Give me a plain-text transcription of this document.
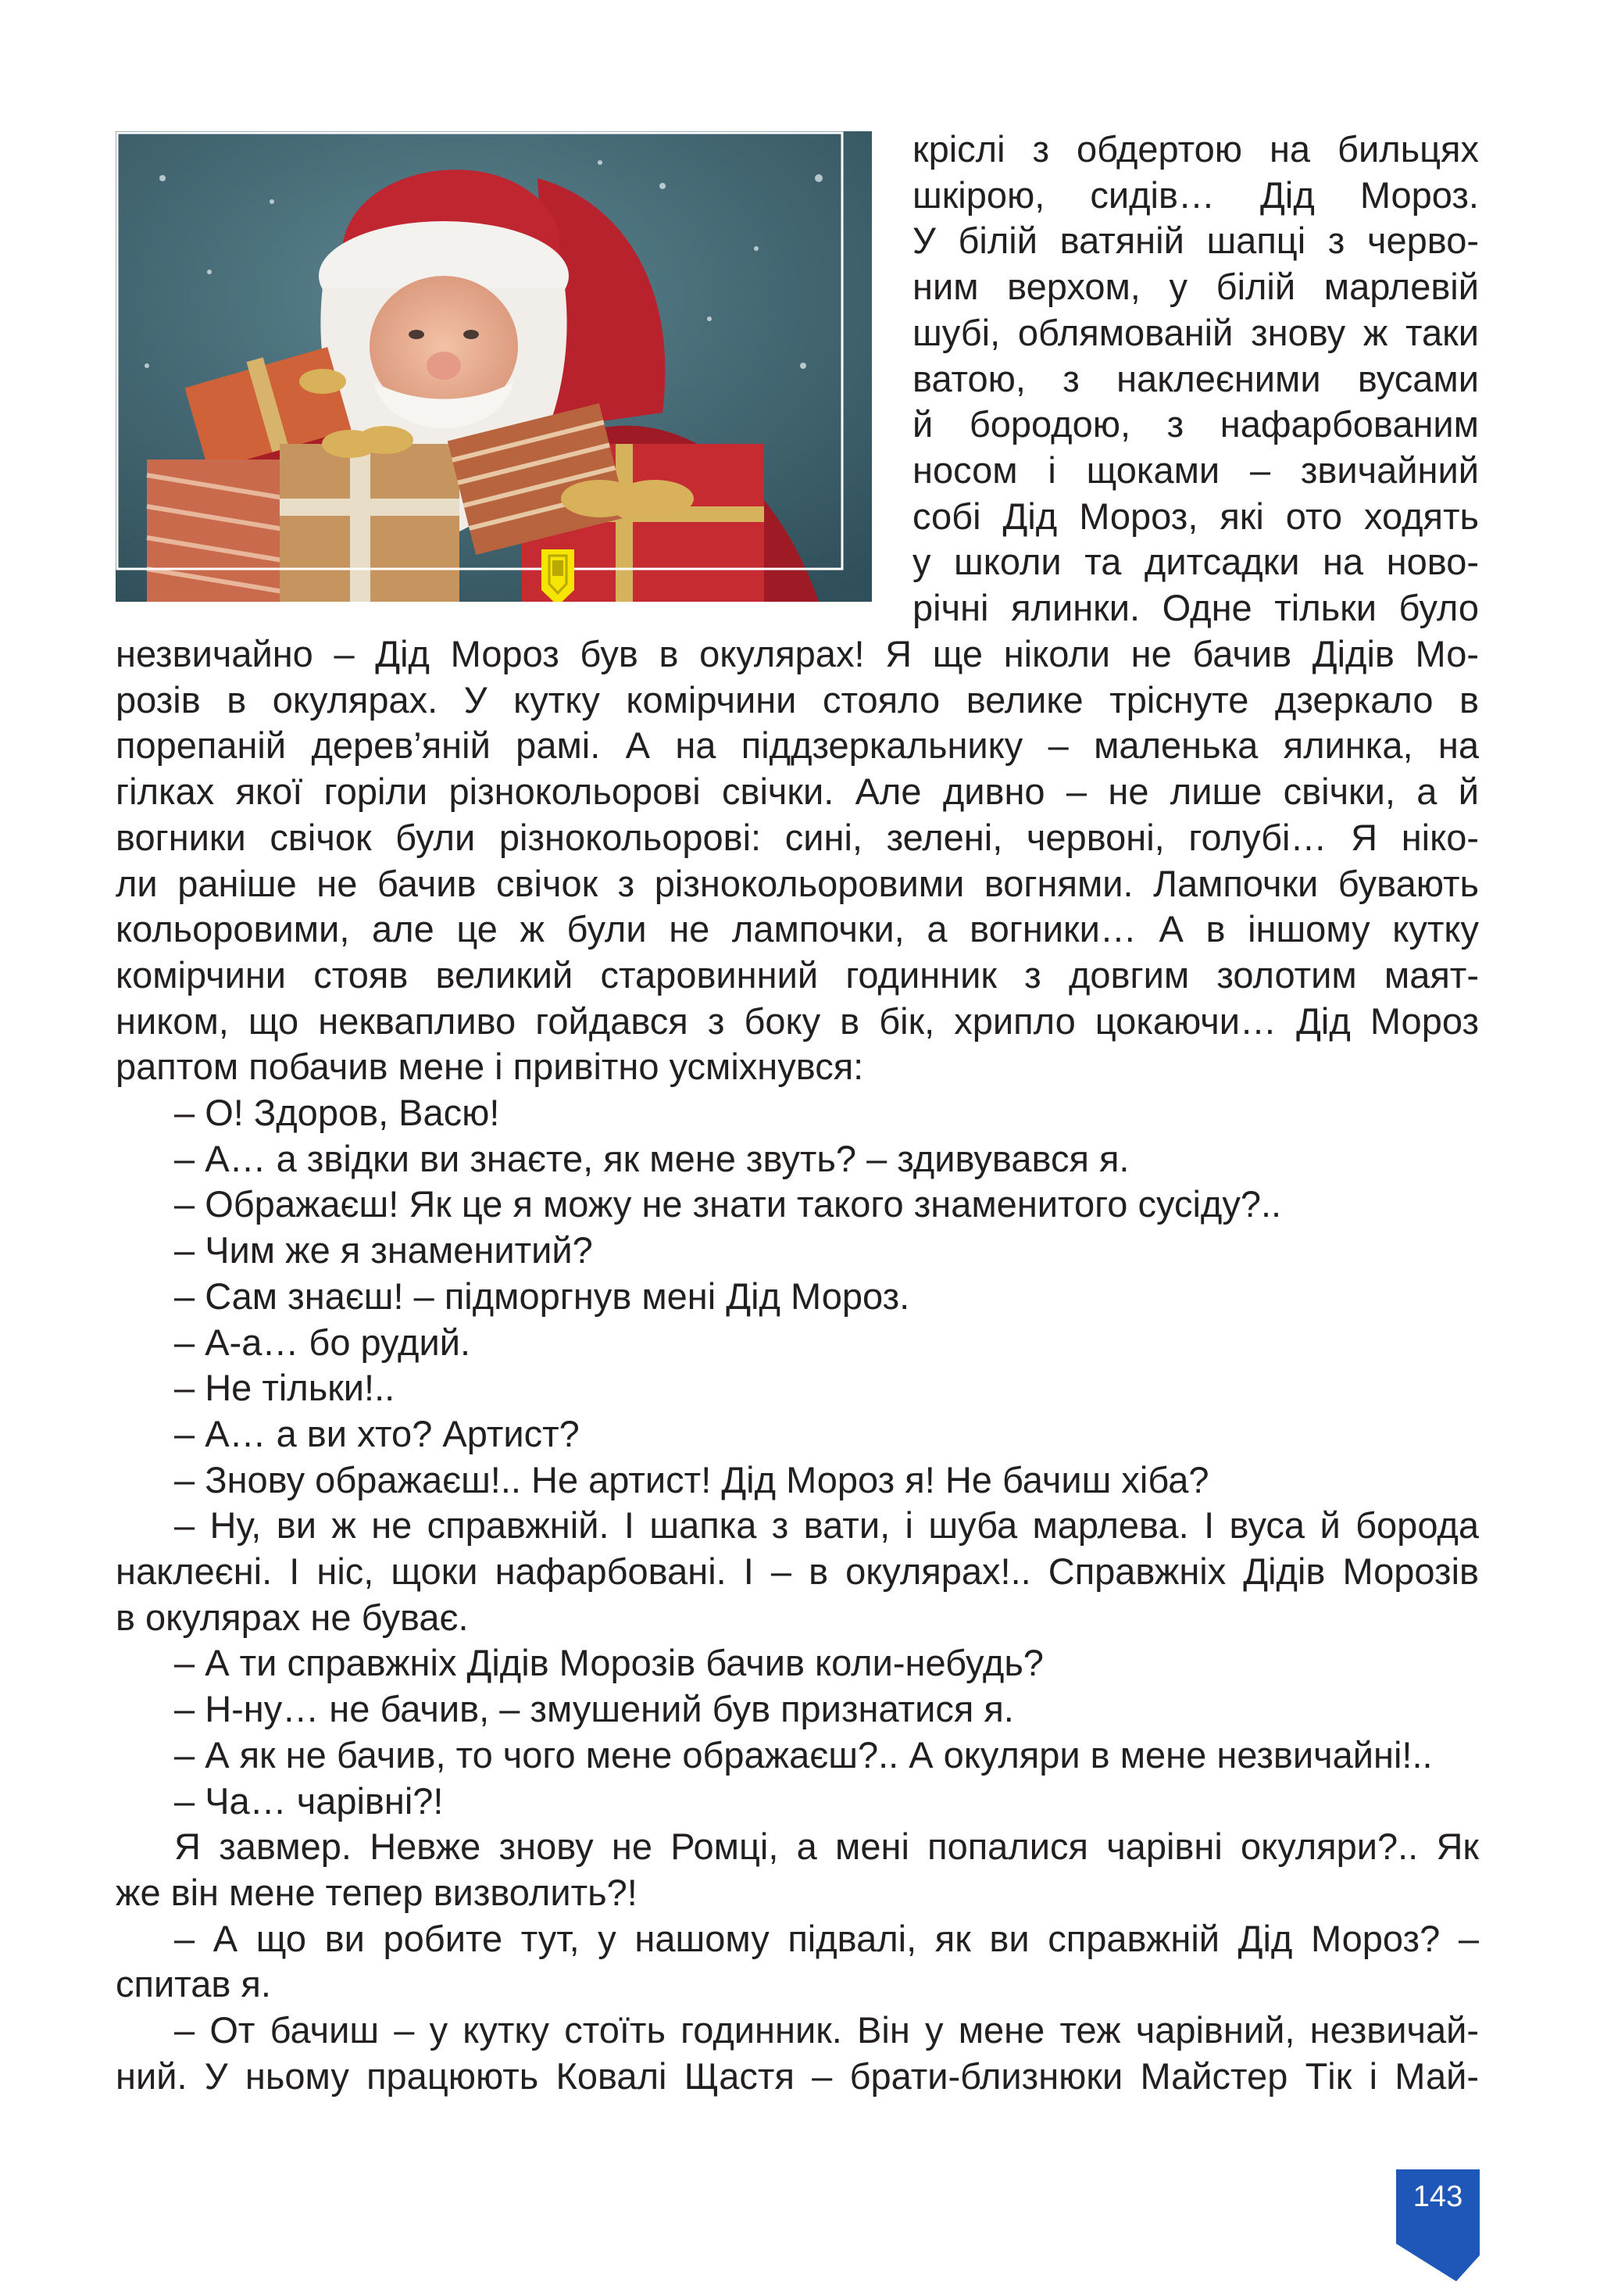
кріслі з обдертою на бильцях
шкірою, сидів… Дід Мороз.
У білій ватяній шапці з черво-
ним верхом, у білій марлевій
шубі, облямованій знову ж таки
ватою, з наклеєними вусами
й бородою, з нафарбованим
носом і щоками – звичайний
собі Дід Мороз, які ото ходять
у школи та дитсадки на ново-
річні ялинки. Одне тільки було
незвичайно – Дід Мороз був в окулярах! Я ще ніколи не бачив Дідів Мо-
розів в окулярах. У кутку комірчини стояло велике тріснуте дзеркало в
порепаній дерев’яній рамі. А на піддзеркальнику – маленька ялинка, на
гілках якої горіли різнокольорові свічки. Але дивно – не лише свічки, а й
вогники свічок були різнокольорові: сині, зелені, червоні, голубі… Я ніко-
ли раніше не бачив свічок з різнокольоровими вогнями. Лампочки бувають
кольоровими, але це ж були не лампочки, а вогники… А в іншому кутку
комірчини стояв великий старовинний годинник з довгим золотим маят-
ником, що неквапливо гойдався з боку в бік, хрипло цокаючи… Дід Мороз
раптом побачив мене і привітно усміхнувся:

– О! Здоров, Васю!

– А… а звідки ви знаєте, як мене звуть? – здивувався я.

– Ображаєш! Як це я можу не знати такого знаменитого сусіду?..

– Чим же я знаменитий?

– Сам знаєш! – підморгнув мені Дід Мороз.

– А-а… бо рудий.

– Не тільки!..

– А… а ви хто? Артист?

– Знову ображаєш!.. Не артист! Дід Мороз я! Не бачиш хіба?

– Ну, ви ж не справжній. І шапка з вати, і шуба марлева. І вуса й борода
наклеєні. І ніс, щоки нафарбовані. І – в окулярах!.. Справжніх Дідів Морозів
в окулярах не буває.

– А ти справжніх Дідів Морозів бачив коли-небудь?

– Н-ну… не бачив, – змушений був признатися я.

– А як не бачив, то чого мене ображаєш?.. А окуляри в мене незвичайні!..

– Ча… чарівні?!

Я завмер. Невже знову не Ромці, а мені попалися чарівні окуляри?.. Як
же він мене тепер визволить?!
– А що ви робите тут, у нашому підвалі, як ви справжній Дід Мороз? –
спитав я.
– От бачиш – у кутку стоїть годинник. Він у мене теж чарівний, незвичай-
ний. У ньому працюють Ковалі Щастя – брати-близнюки Майстер Тік і Май-
143
